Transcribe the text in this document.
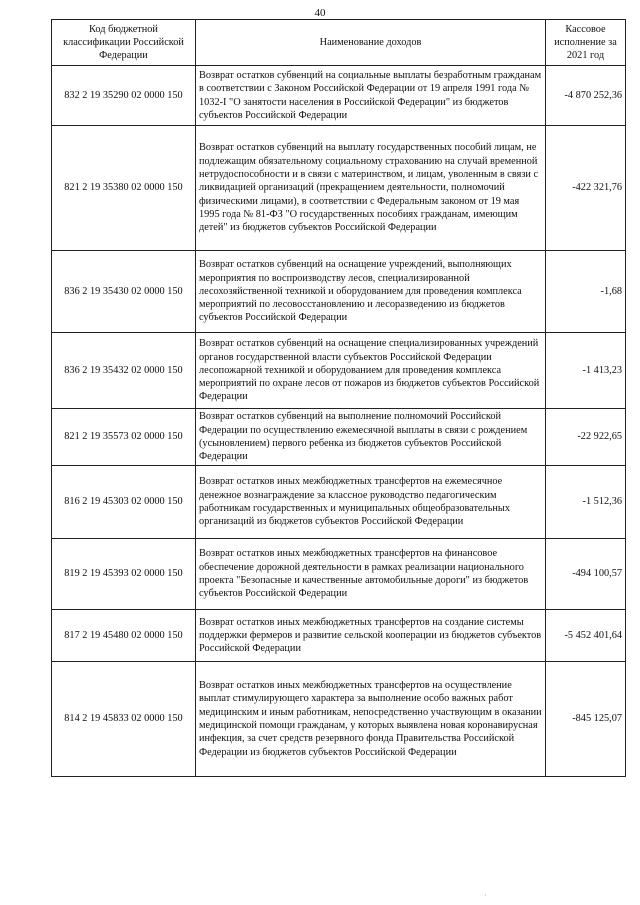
40
Код бюджетной классификации Российской Федерации	Наименование доходов	Кассовое исполнение за 2021 год
832 2 19 35290 02 0000 150	Возврат остатков субвенций на социальные выплаты безработным гражданам в соответствии с Законом Российской Федерации от 19 апреля 1991 года № 1032-I "О занятости населения в Российской Федерации" из бюджетов субъектов Российской Федерации	-4 870 252,36
821 2 19 35380 02 0000 150	Возврат остатков субвенций на выплату государственных пособий лицам, не подлежащим обязательному социальному страхованию на случай временной нетрудоспособности и в связи с материнством, и лицам, уволенным в связи с ликвидацией организаций (прекращением деятельности, полномочий физическими лицами), в соответствии с Федеральным законом от 19 мая 1995 года № 81-ФЗ "О государственных пособиях гражданам, имеющим детей" из бюджетов субъектов Российской Федерации	-422 321,76
836 2 19 35430 02 0000 150	Возврат остатков субвенций на оснащение учреждений, выполняющих мероприятия по воспроизводству лесов, специализированной лесохозяйственной техникой и оборудованием для проведения комплекса мероприятий по лесовосстановлению и лесоразведению из бюджетов субъектов Российской Федерации	-1,68
836 2 19 35432 02 0000 150	Возврат остатков субвенций на оснащение специализированных учреждений органов государственной власти субъектов Российской Федерации лесопожарной техникой и оборудованием для проведения комплекса мероприятий по охране лесов от пожаров из бюджетов субъектов Российской Федерации	-1 413,23
821 2 19 35573 02 0000 150	Возврат остатков субвенций на выполнение полномочий Российской Федерации по осуществлению ежемесячной выплаты в связи с рождением (усыновлением) первого ребенка из бюджетов субъектов Российской Федерации	-22 922,65
816 2 19 45303 02 0000 150	Возврат остатков иных межбюджетных трансфертов на ежемесячное денежное вознаграждение за классное руководство педагогическим работникам государственных и муниципальных общеобразовательных организаций из бюджетов субъектов Российской Федерации	-1 512,36
819 2 19 45393 02 0000 150	Возврат остатков иных межбюджетных трансфертов на финансовое обеспечение дорожной деятельности в рамках реализации национального проекта "Безопасные и качественные автомобильные дороги" из бюджетов субъектов Российской Федерации	-494 100,57
817 2 19 45480 02 0000 150	Возврат остатков иных межбюджетных трансфертов на создание системы поддержки фермеров и развитие сельской кооперации из бюджетов субъектов Российской Федерации	-5 452 401,64
814 2 19 45833 02 0000 150	Возврат остатков иных межбюджетных трансфертов на осуществление выплат стимулирующего характера за выполнение особо важных работ медицинским и иным работникам, непосредственно участвующим в оказании медицинской помощи гражданам, у которых выявлена новая коронавирусная инфекция, за счет средств резервного фонда Правительства Российской Федерации из бюджетов субъектов Российской Федерации	-845 125,07
·
